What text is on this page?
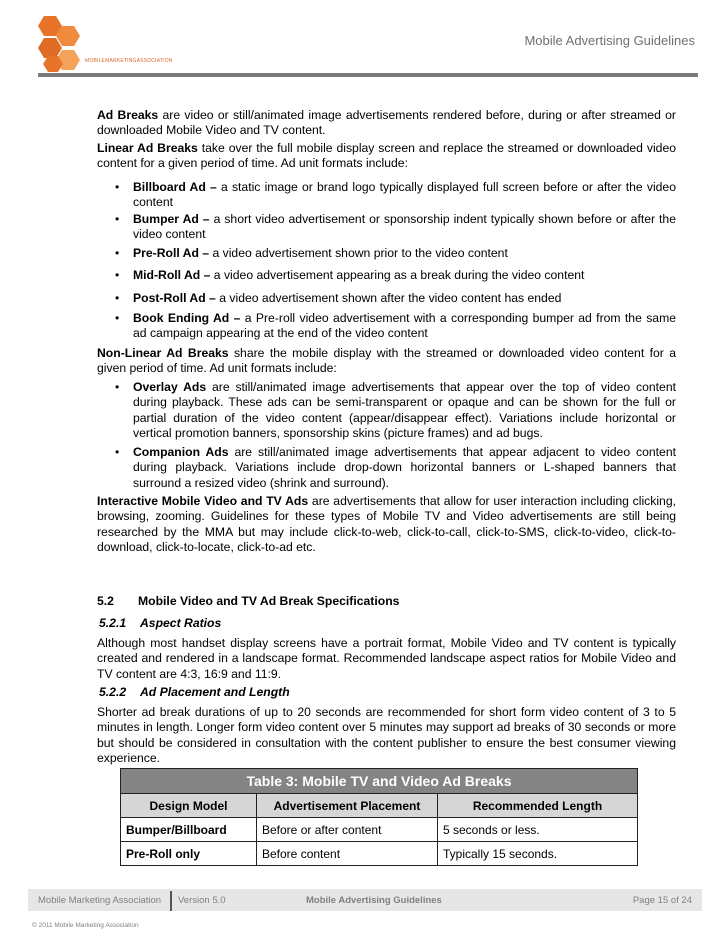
MOBILEMARKETINGASSOCIATION
Mobile Advertising Guidelines
Ad Breaks are video or still/animated image advertisements rendered before, during or after streamed or downloaded Mobile Video and TV content.
Linear Ad Breaks take over the full mobile display screen and replace the streamed or downloaded video content for a given period of time. Ad unit formats include:
• Billboard Ad – a static image or brand logo typically displayed full screen before or after the video content
• Bumper Ad – a short video advertisement or sponsorship indent typically shown before or after the video content
• Pre-Roll Ad – a video advertisement shown prior to the video content
• Mid-Roll Ad – a video advertisement appearing as a break during the video content
• Post-Roll Ad – a video advertisement shown after the video content has ended
• Book Ending Ad – a Pre-roll video advertisement with a corresponding bumper ad from the same ad campaign appearing at the end of the video content
Non-Linear Ad Breaks share the mobile display with the streamed or downloaded video content for a given period of time. Ad unit formats include:
• Overlay Ads are still/animated image advertisements that appear over the top of video content during playback. These ads can be semi-transparent or opaque and can be shown for the full or partial duration of the video content (appear/disappear effect). Variations include horizontal or vertical promotion banners, sponsorship skins (picture frames) and ad bugs.
• Companion Ads are still/animated image advertisements that appear adjacent to video content during playback. Variations include drop-down horizontal banners or L-shaped banners that surround a resized video (shrink and surround).
Interactive Mobile Video and TV Ads are advertisements that allow for user interaction including clicking, browsing, zooming. Guidelines for these types of Mobile TV and Video advertisements are still being researched by the MMA but may include click-to-web, click-to-call, click-to-SMS, click-to-video, click-to-download, click-to-locate, click-to-ad etc.
5.2 Mobile Video and TV Ad Break Specifications
5.2.1 Aspect Ratios
Although most handset display screens have a portrait format, Mobile Video and TV content is typically created and rendered in a landscape format. Recommended landscape aspect ratios for Mobile Video and TV content are 4:3, 16:9 and 11:9.
5.2.2 Ad Placement and Length
Shorter ad break durations of up to 20 seconds are recommended for short form video content of 3 to 5 minutes in length. Longer form video content over 5 minutes may support ad breaks of 30 seconds or more but should be considered in consultation with the content publisher to ensure the best consumer viewing experience.
Table 3: Mobile TV and Video Ad Breaks		
Design Model	Advertisement Placement	Recommended Length
Bumper/Billboard	Before or after content	5 seconds or less.
Pre-Roll only	Before content	Typically 15 seconds.
Mobile Marketing Association Version 5.0	Mobile Advertising Guidelines	Page 15 of 24
© 2011 Mobile Marketing Association
